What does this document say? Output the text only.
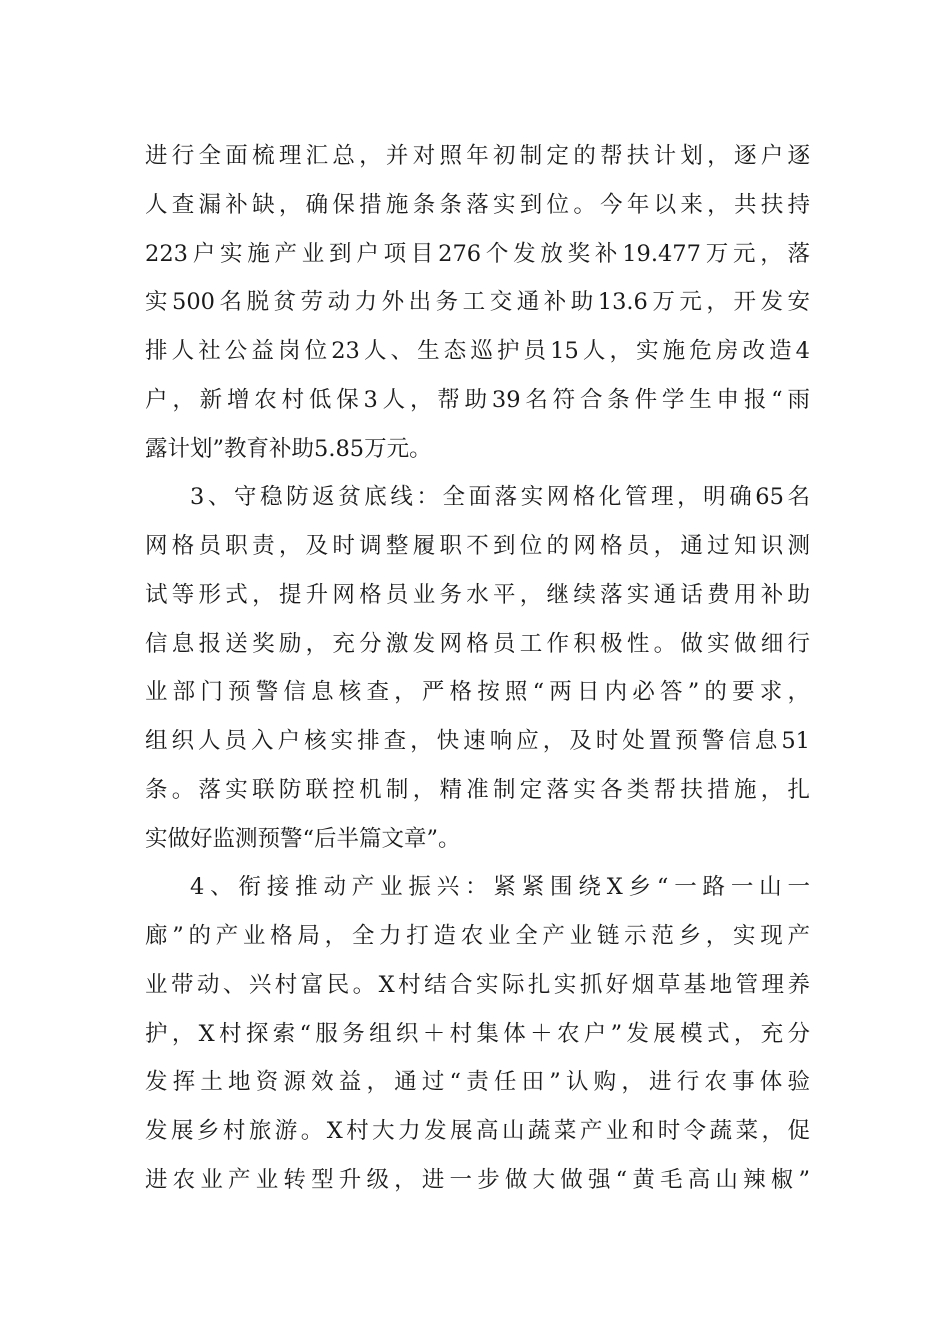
进行全面梳理汇总，并对照年初制定的帮扶计划，逐户逐
人查漏补缺，确保措施条条落实到位。今年以来，共扶持
223户实施产业到户项目276个发放奖补19.477万元，落
实500名脱贫劳动力外出务工交通补助13.6万元，开发安
排人社公益岗位23人、生态巡护员15人，实施危房改造4
户，新增农村低保3人，帮助39名符合条件学生申报“雨
露计划”教育补助5.85万元。
3、守稳防返贫底线：全面落实网格化管理，明确65名
网格员职责，及时调整履职不到位的网格员，通过知识测
试等形式，提升网格员业务水平，继续落实通话费用补助
信息报送奖励，充分激发网格员工作积极性。做实做细行
业部门预警信息核查，严格按照“两日内必答”的要求，
组织人员入户核实排查，快速响应，及时处置预警信息51
条。落实联防联控机制，精准制定落实各类帮扶措施，扎
实做好监测预警“后半篇文章”。
4、衔接推动产业振兴：紧紧围绕X乡“一路一山一
廊”的产业格局，全力打造农业全产业链示范乡，实现产
业带动、兴村富民。X村结合实际扎实抓好烟草基地管理养
护，X村探索“服务组织＋村集体＋农户”发展模式，充分
发挥土地资源效益，通过“责任田”认购，进行农事体验
发展乡村旅游。X村大力发展高山蔬菜产业和时令蔬菜，促
进农业产业转型升级，进一步做大做强“黄毛高山辣椒”
